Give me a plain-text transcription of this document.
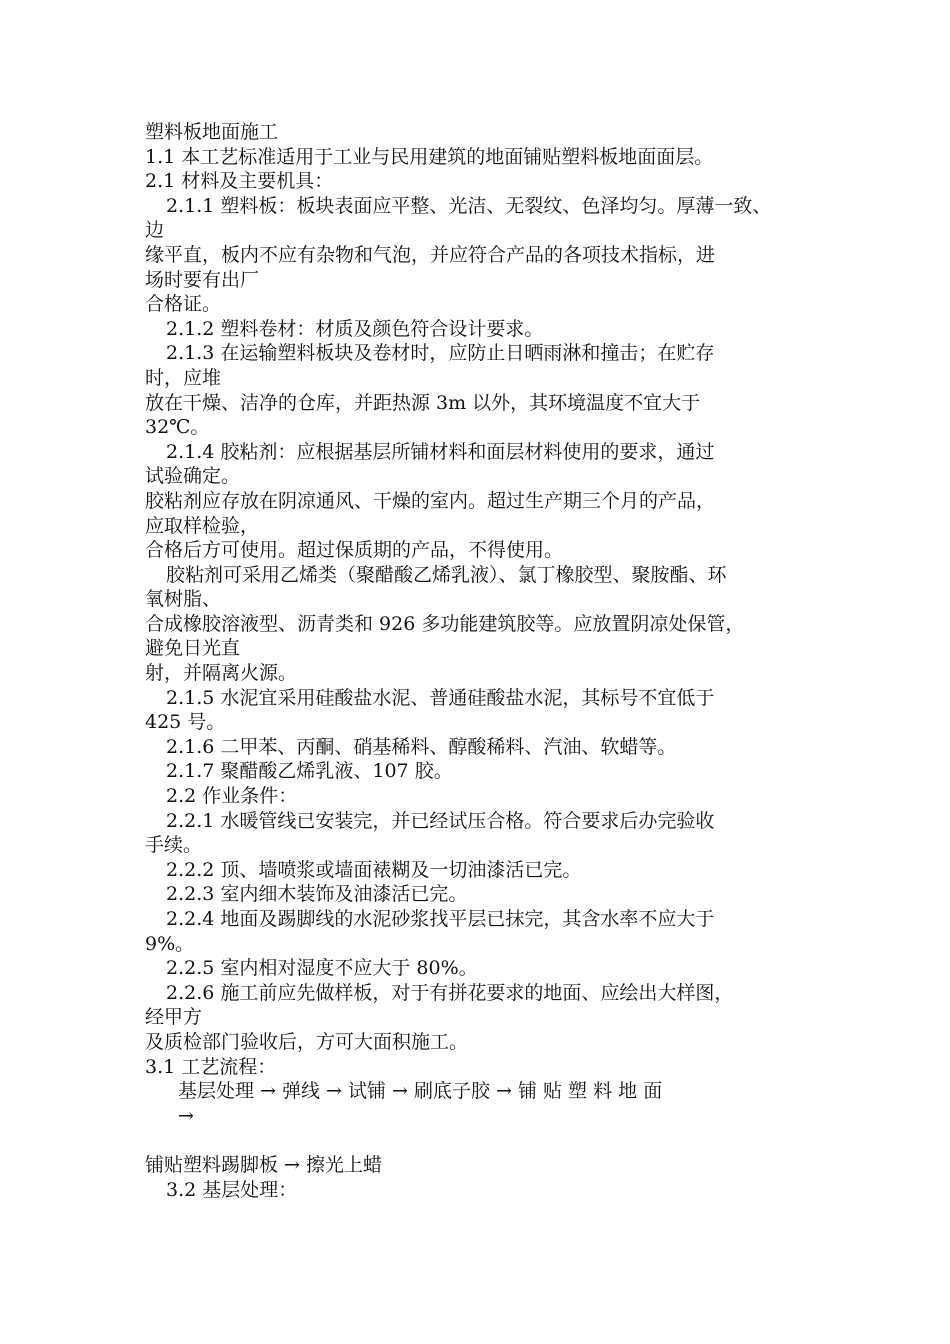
塑料板地面施工
1.1 本工艺标准适用于工业与民用建筑的地面铺贴塑料板地面面层。
2.1 材料及主要机具：
2.1.1 塑料板：板块表面应平整、光洁、无裂纹、色泽均匀。厚薄一致、
边
缘平直，板内不应有杂物和气泡，并应符合产品的各项技术指标，进
场时要有出厂
合格证。
2.1.2 塑料卷材：材质及颜色符合设计要求。
2.1.3 在运输塑料板块及卷材时，应防止日晒雨淋和撞击；在贮存
时，应堆
放在干燥、洁净的仓库，并距热源 3m 以外，其环境温度不宜大于
32℃。
2.1.4 胶粘剂：应根据基层所铺材料和面层材料使用的要求，通过
试验确定。
胶粘剂应存放在阴凉通风、干燥的室内。超过生产期三个月的产品，
应取样检验，
合格后方可使用。超过保质期的产品，不得使用。
胶粘剂可采用乙烯类（聚醋酸乙烯乳液）、氯丁橡胶型、聚胺酯、环
氧树脂、
合成橡胶溶液型、沥青类和 926 多功能建筑胶等。应放置阴凉处保管，
避免日光直
射，并隔离火源。
2.1.5 水泥宜采用硅酸盐水泥、普通硅酸盐水泥，其标号不宜低于
425 号。
2.1.6 二甲苯、丙酮、硝基稀料、醇酸稀料、汽油、软蜡等。
2.1.7 聚醋酸乙烯乳液、107 胶。
2.2 作业条件：
2.2.1 水暖管线已安装完，并已经试压合格。符合要求后办完验收
手续。
2.2.2 顶、墙喷浆或墙面裱糊及一切油漆活已完。
2.2.3 室内细木装饰及油漆活已完。
2.2.4 地面及踢脚线的水泥砂浆找平层已抹完，其含水率不应大于
9%。
2.2.5 室内相对湿度不应大于 80%。
2.2.6 施工前应先做样板，对于有拼花要求的地面、应绘出大样图，
经甲方
及质检部门验收后，方可大面积施工。
3.1 工艺流程：
基层处理 → 弹线 → 试铺 → 刷底子胶 → 铺 贴 塑 料 地 面
→
铺贴塑料踢脚板 → 擦光上蜡
3.2 基层处理：
